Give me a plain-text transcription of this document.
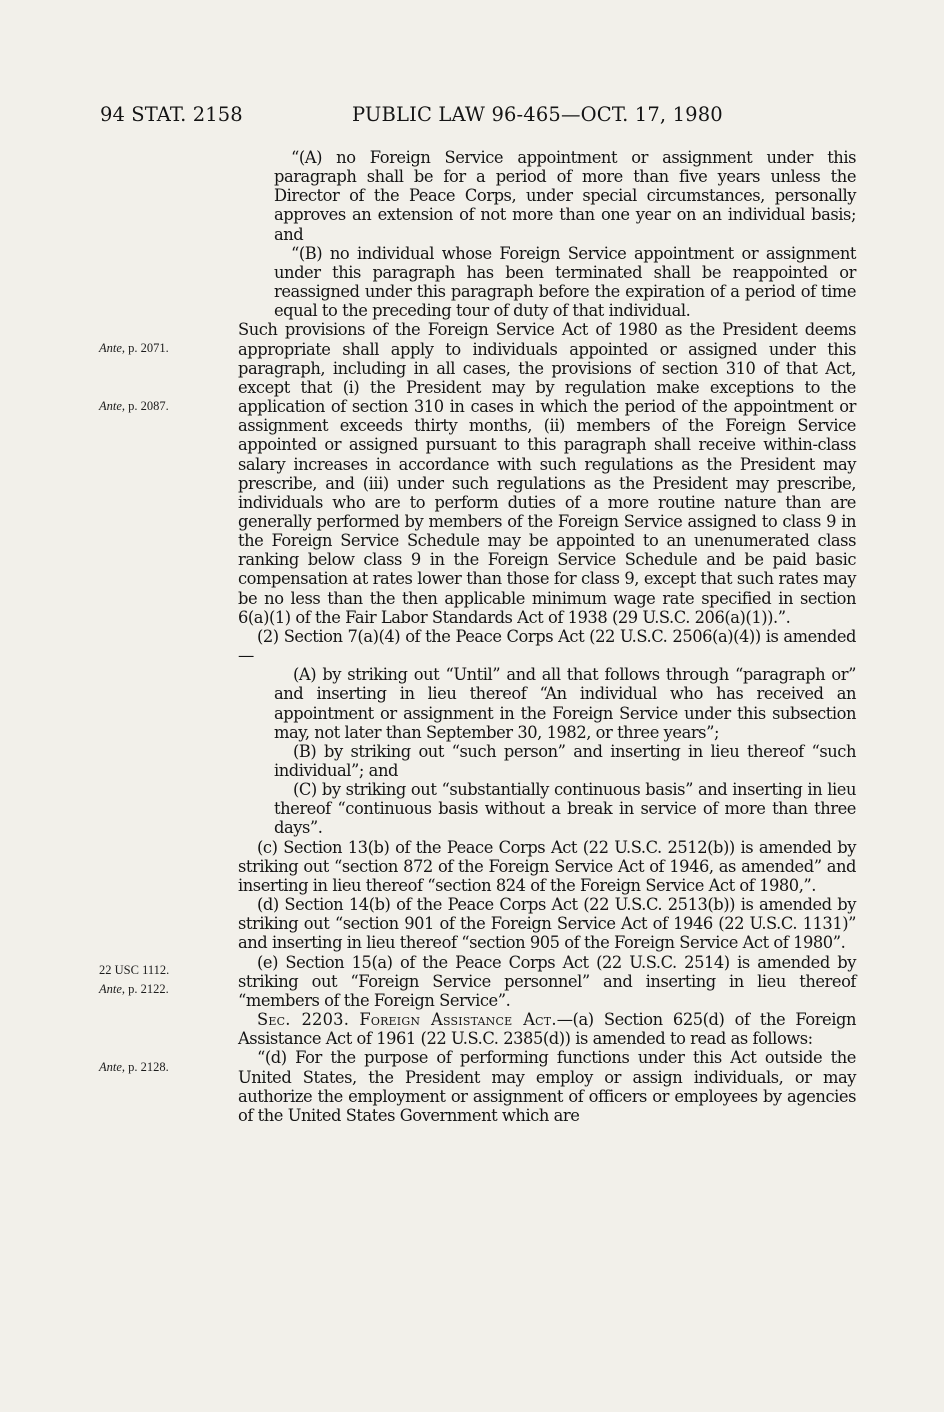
94 STAT. 2158	PUBLIC LAW 96-465—OCT. 17, 1980
Ante, p. 2071.
Ante, p. 2087.
22 USC 1112.
Ante, p. 2122.
Ante, p. 2128.

“(A) no Foreign Service appointment or assignment under this paragraph shall be for a period of more than five years unless the Director of the Peace Corps, under special circumstances, personally approves an extension of not more than one year on an individual basis; and

“(B) no individual whose Foreign Service appointment or assignment under this paragraph has been terminated shall be reappointed or reassigned under this paragraph before the expiration of a period of time equal to the preceding tour of duty of that individual.

Such provisions of the Foreign Service Act of 1980 as the President deems appropriate shall apply to individuals appointed or assigned under this paragraph, including in all cases, the provisions of section 310 of that Act, except that (i) the President may by regulation make exceptions to the application of section 310 in cases in which the period of the appointment or assignment exceeds thirty months, (ii) members of the Foreign Service appointed or assigned pursuant to this paragraph shall receive within-class salary increases in accordance with such regulations as the President may prescribe, and (iii) under such regulations as the President may prescribe, individuals who are to perform duties of a more routine nature than are generally performed by members of the Foreign Service assigned to class 9 in the Foreign Service Schedule may be appointed to an unenumerated class ranking below class 9 in the Foreign Service Schedule and be paid basic compensation at rates lower than those for class 9, except that such rates may be no less than the then applicable minimum wage rate specified in section 6(a)(1) of the Fair Labor Standards Act of 1938 (29 U.S.C. 206(a)(1)).”.

(2) Section 7(a)(4) of the Peace Corps Act (22 U.S.C. 2506(a)(4)) is amended—

(A) by striking out “Until” and all that follows through “paragraph or” and inserting in lieu thereof “An individual who has received an appointment or assignment in the Foreign Service under this subsection may, not later than September 30, 1982, or three years”;

(B) by striking out “such person” and inserting in lieu thereof “such individual”; and

(C) by striking out “substantially continuous basis” and inserting in lieu thereof “continuous basis without a break in service of more than three days”.

(c) Section 13(b) of the Peace Corps Act (22 U.S.C. 2512(b)) is amended by striking out “section 872 of the Foreign Service Act of 1946, as amended” and inserting in lieu thereof “section 824 of the Foreign Service Act of 1980,”.

(d) Section 14(b) of the Peace Corps Act (22 U.S.C. 2513(b)) is amended by striking out “section 901 of the Foreign Service Act of 1946 (22 U.S.C. 1131)” and inserting in lieu thereof “section 905 of the Foreign Service Act of 1980”.

(e) Section 15(a) of the Peace Corps Act (22 U.S.C. 2514) is amended by striking out “Foreign Service personnel” and inserting in lieu thereof “members of the Foreign Service”.

Sec. 2203. Foreign Assistance Act.—(a) Section 625(d) of the Foreign Assistance Act of 1961 (22 U.S.C. 2385(d)) is amended to read as follows:

“(d) For the purpose of performing functions under this Act outside the United States, the President may employ or assign individuals, or may authorize the employment or assignment of officers or employees by agencies of the United States Government which are
